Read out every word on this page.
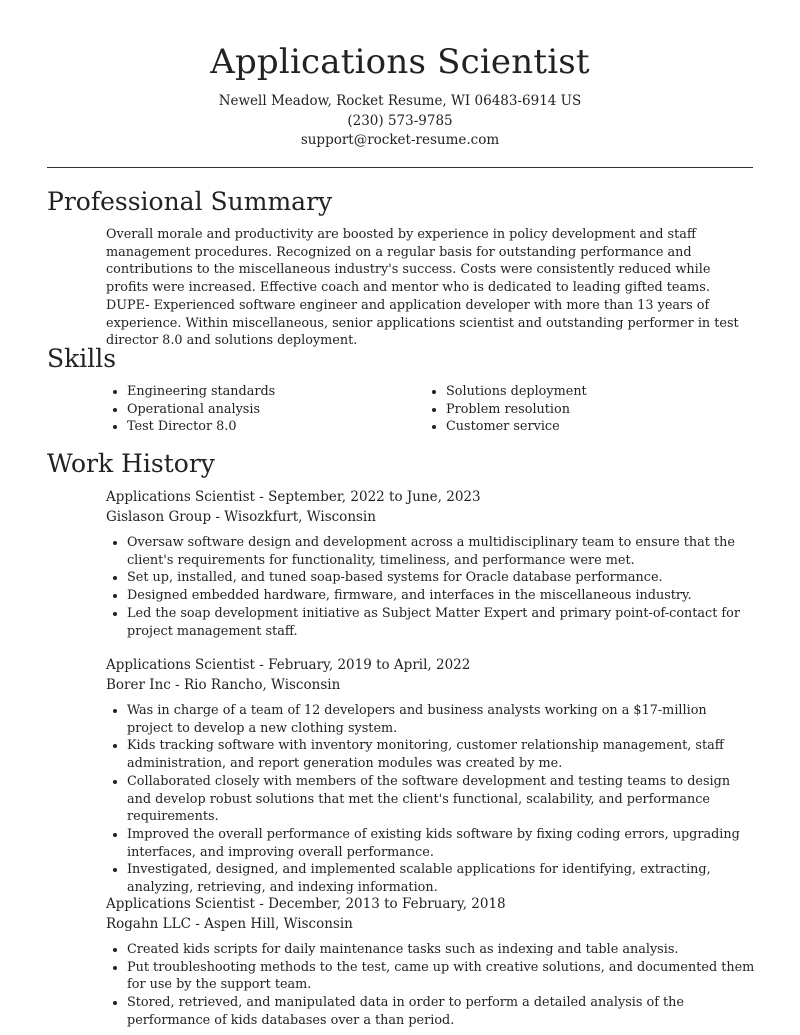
Applications Scientist
Newell Meadow, Rocket Resume, WI 06483-6914 US
(230) 573-9785
support@rocket-resume.com
Professional Summary
Overall morale and productivity are boosted by experience in policy development and staff management procedures. Recognized on a regular basis for outstanding performance and contributions to the miscellaneous industry's success. Costs were consistently reduced while profits were increased. Effective coach and mentor who is dedicated to leading gifted teams. DUPE- Experienced software engineer and application developer with more than 13 years of experience. Within miscellaneous, senior applications scientist and outstanding performer in test director 8.0 and solutions deployment.
Skills
• Engineering standards
• Operational analysis
• Test Director 8.0
• Solutions deployment
• Problem resolution
• Customer service
Work History
Applications Scientist - September, 2022 to June, 2023
Gislason Group - Wisozkfurt, Wisconsin
• Oversaw software design and development across a multidisciplinary team to ensure that the client's requirements for functionality, timeliness, and performance were met.
• Set up, installed, and tuned soap-based systems for Oracle database performance.
• Designed embedded hardware, firmware, and interfaces in the miscellaneous industry.
• Led the soap development initiative as Subject Matter Expert and primary point-of-contact for project management staff.
Applications Scientist - February, 2019 to April, 2022
Borer Inc - Rio Rancho, Wisconsin
• Was in charge of a team of 12 developers and business analysts working on a $17-million project to develop a new clothing system.
• Kids tracking software with inventory monitoring, customer relationship management, staff administration, and report generation modules was created by me.
• Collaborated closely with members of the software development and testing teams to design and develop robust solutions that met the client's functional, scalability, and performance requirements.
• Improved the overall performance of existing kids software by fixing coding errors, upgrading interfaces, and improving overall performance.
• Investigated, designed, and implemented scalable applications for identifying, extracting, analyzing, retrieving, and indexing information.
Applications Scientist - December, 2013 to February, 2018
Rogahn LLC - Aspen Hill, Wisconsin
• Created kids scripts for daily maintenance tasks such as indexing and table analysis.
• Put troubleshooting methods to the test, came up with creative solutions, and documented them for use by the support team.
• Stored, retrieved, and manipulated data in order to perform a detailed analysis of the performance of kids databases over a than period.
